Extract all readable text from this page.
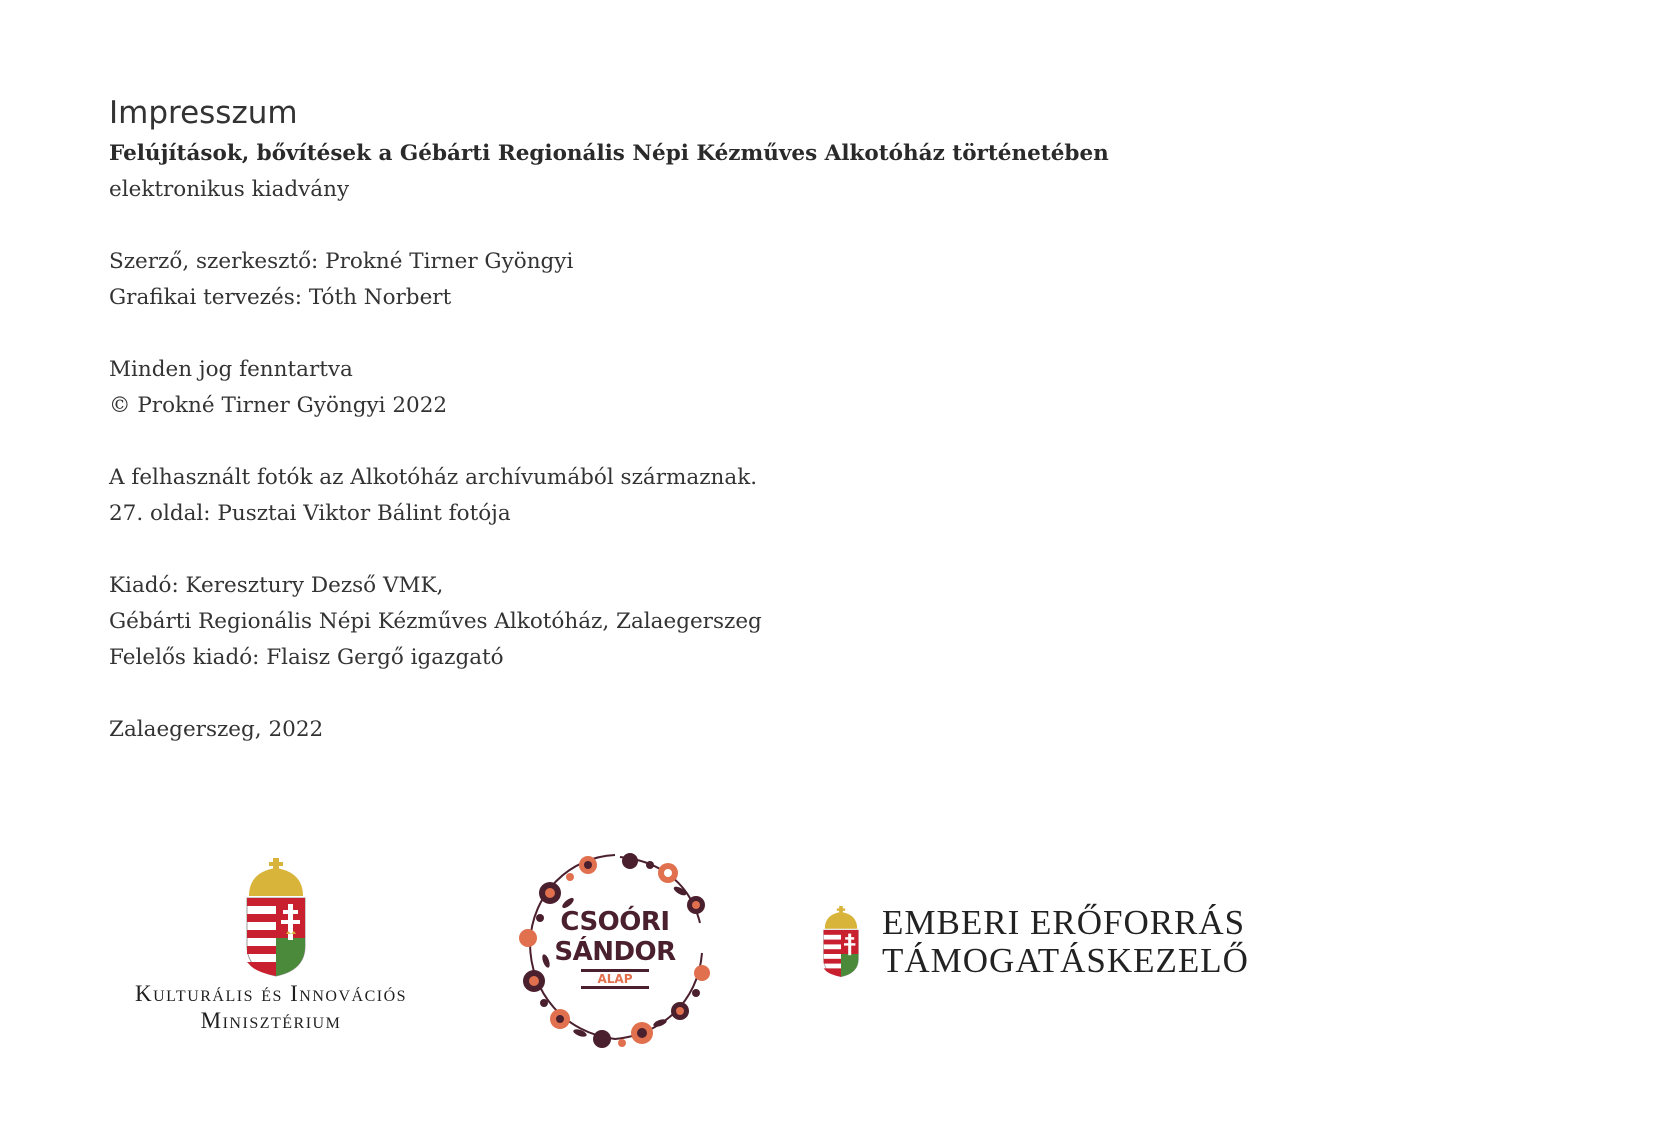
Impresszum
Felújítások, bővítések a Gébárti Regionális Népi Kézműves Alkotóház történetében
elektronikus kiadvány
Szerző, szerkesztő: Prokné Tirner Gyöngyi
Grafikai tervezés: Tóth Norbert
Minden jog fenntartva
© Prokné Tirner Gyöngyi 2022
A felhasznált fotók az Alkotóház archívumából származnak.
27. oldal: Pusztai Viktor Bálint fotója
Kiadó: Keresztury Dezső VMK,
Gébárti Regionális Népi Kézműves Alkotóház, Zalaegerszeg
Felelős kiadó: Flaisz Gergő igazgató
Zalaegerszeg, 2022
Kulturális és Innovációs
Minisztérium
CSOÓRI
SÁNDOR
ALAP
EMBERI ERŐFORRÁS
TÁMOGATÁSKEZELŐ
